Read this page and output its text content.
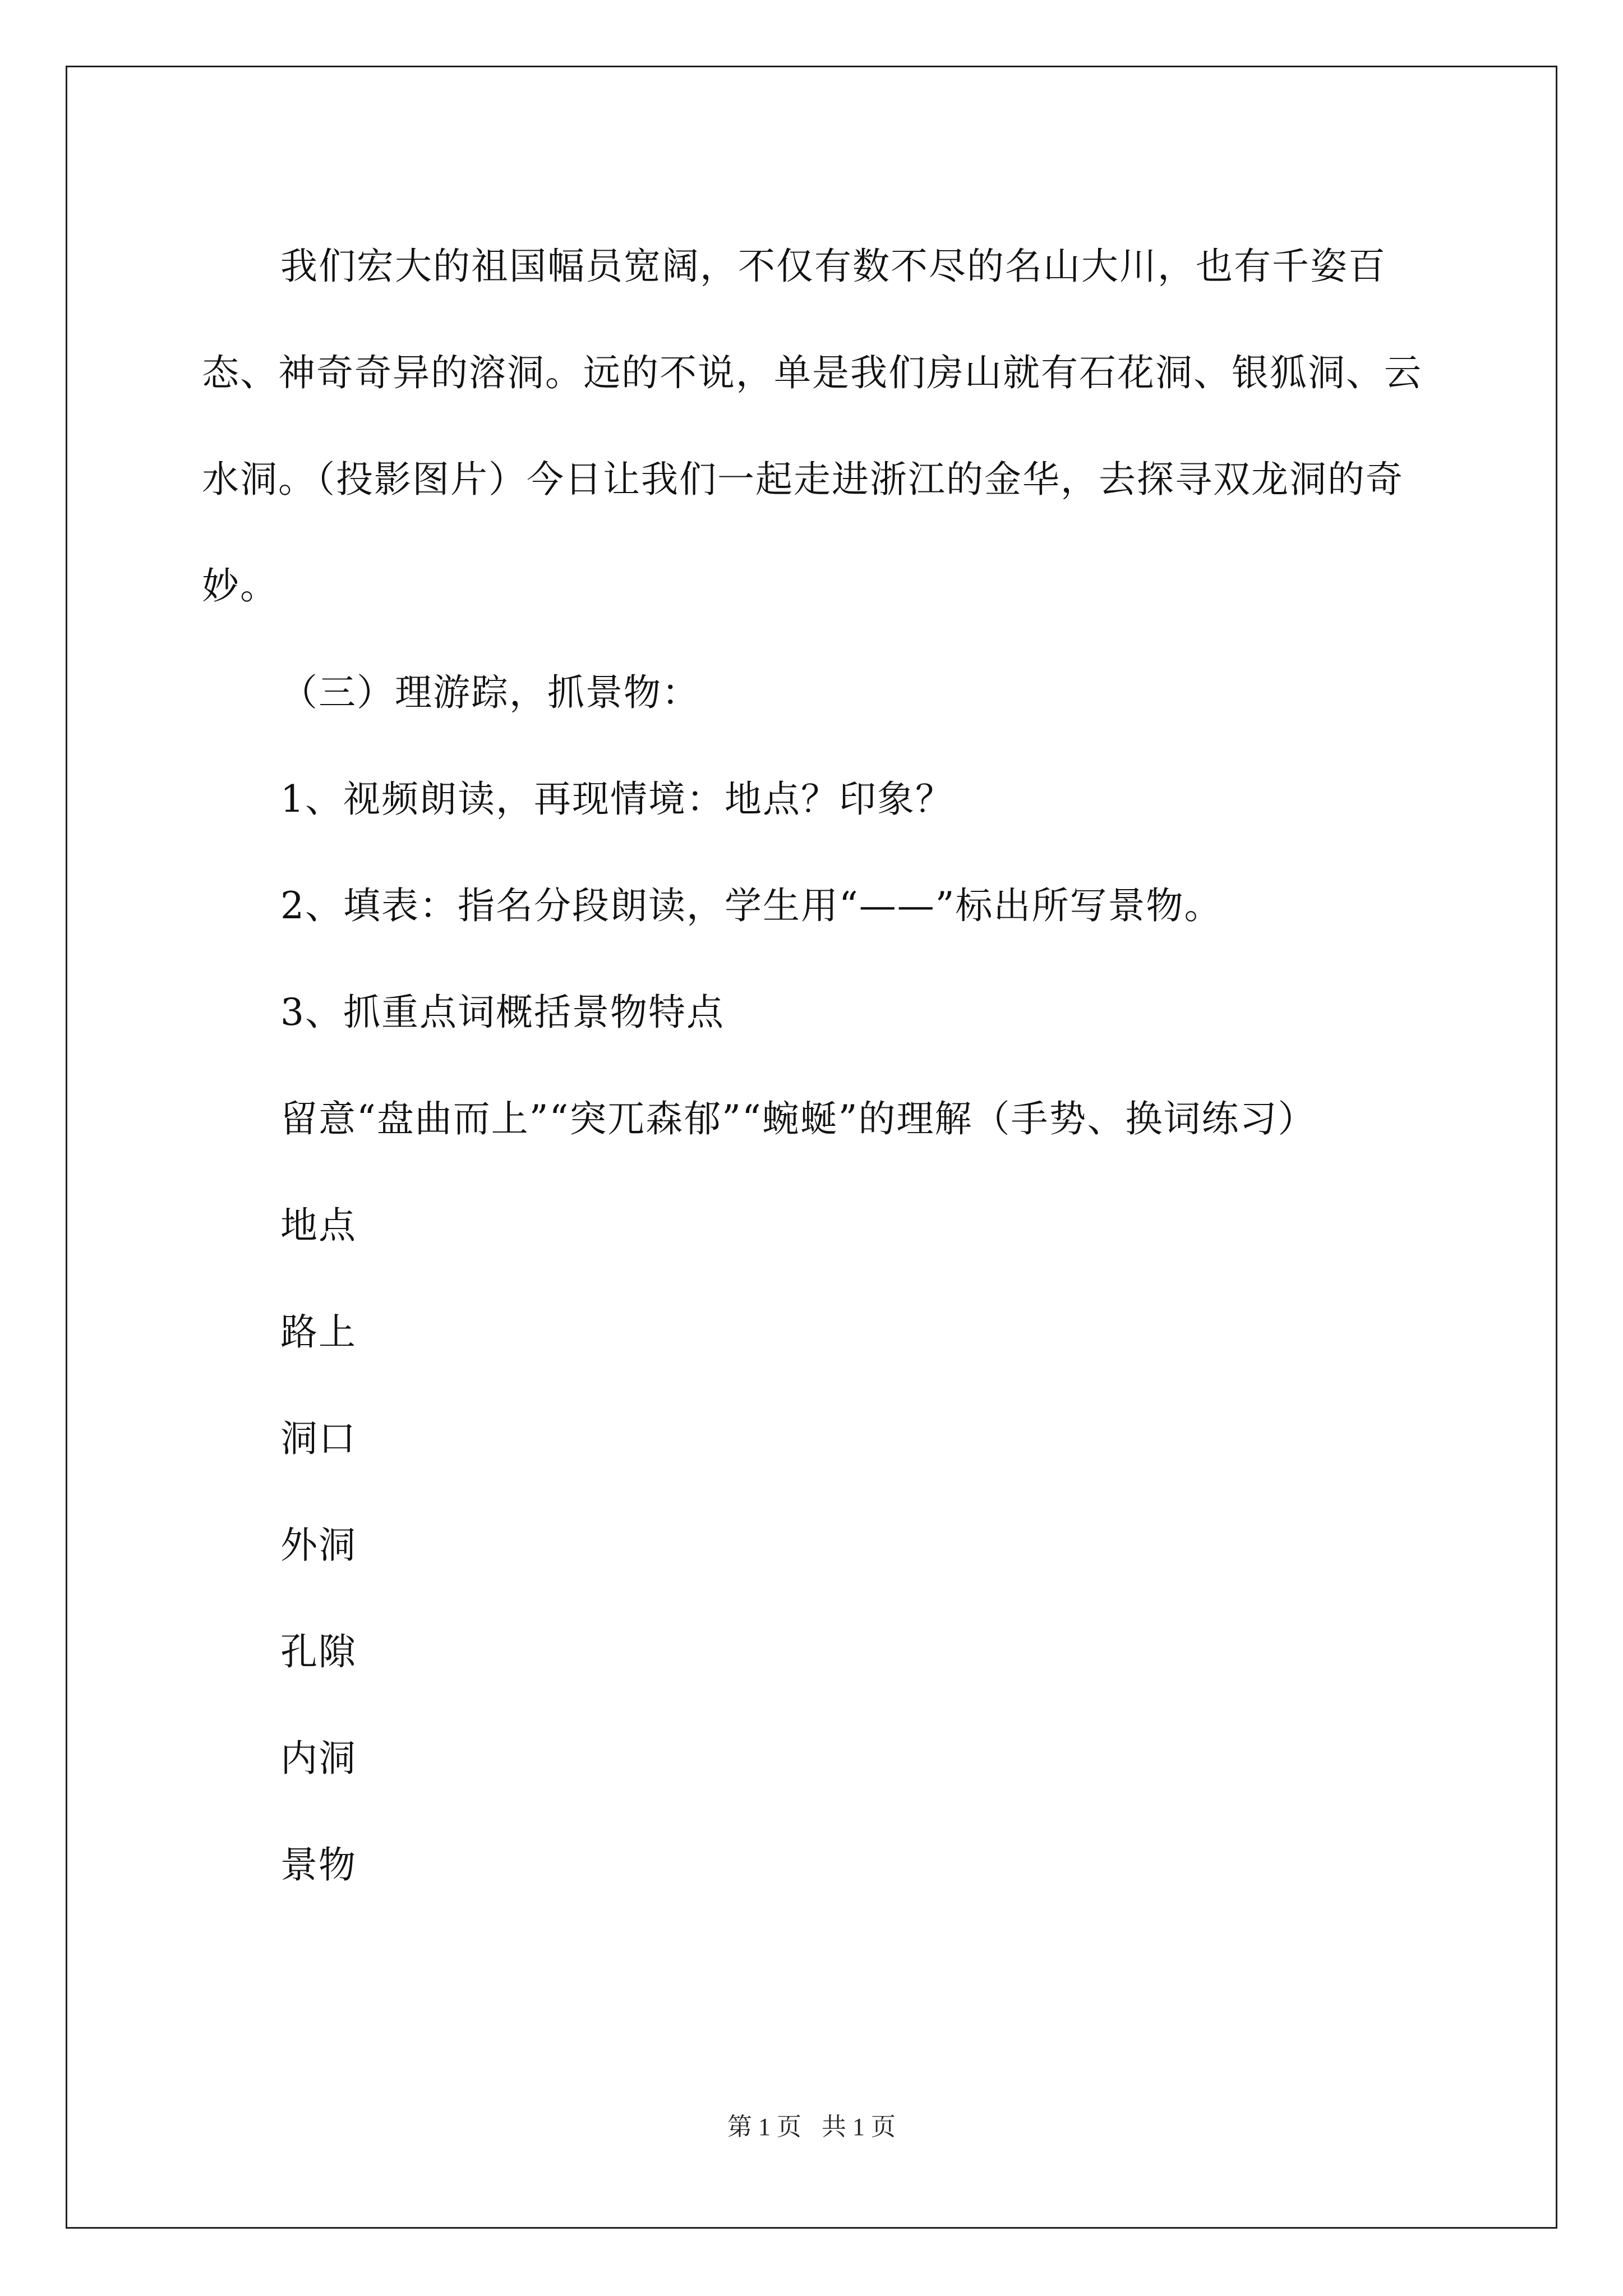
我们宏大的祖国幅员宽阔，不仅有数不尽的名山大川，也有千姿百态、神奇奇异的溶洞。远的不说，单是我们房山就有石花洞、银狐洞、云水洞。（投影图片）今日让我们一起走进浙江的金华，去探寻双龙洞的奇妙。

（三）理游踪，抓景物：

1、视频朗读，再现情境：地点？印象？

2、填表：指名分段朗读，学生用“——”标出所写景物。

3、抓重点词概括景物特点

留意“盘曲而上”“突兀森郁”“蜿蜒”的理解（手势、换词练习）

地点

路上

洞口

外洞

孔隙

内洞

景物

第 1 页 共 1 页
